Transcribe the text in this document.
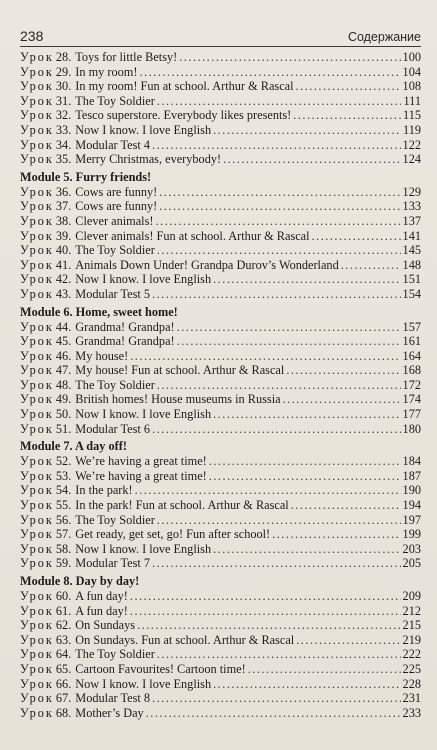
238	Содержание
Урок 28. Toys for little Betsy! .....	100
Урок 29. In my room! .....	104
Урок 30. In my room! Fun at school. Arthur & Rascal .....	108
Урок 31. The Toy Soldier .....	111
Урок 32. Tesco superstore. Everybody likes presents! .....	115
Урок 33. Now I know. I love English .....	119
Урок 34. Modular Test 4 .....	122
Урок 35. Merry Christmas, everybody! .....	124
Module 5. Furry friends!
Урок 36. Cows are funny! .....	129
Урок 37. Cows are funny! .....	133
Урок 38. Clever animals! .....	137
Урок 39. Clever animals! Fun at school. Arthur & Rascal .....	141
Урок 40. The Toy Soldier .....	145
Урок 41. Animals Down Under! Grandpa Durov’s Wonderland .....	148
Урок 42. Now I know. I love English .....	151
Урок 43. Modular Test 5 .....	154
Module 6. Home, sweet home!
Урок 44. Grandma! Grandpa! .....	157
Урок 45. Grandma! Grandpa! .....	161
Урок 46. My house! .....	164
Урок 47. My house! Fun at school. Arthur & Rascal .....	168
Урок 48. The Toy Soldier .....	172
Урок 49. British homes! House museums in Russia .....	174
Урок 50. Now I know. I love English .....	177
Урок 51. Modular Test 6 .....	180
Module 7. A day off!
Урок 52. We’re having a great time! .....	184
Урок 53. We’re having a great time! .....	187
Урок 54. In the park! .....	190
Урок 55. In the park! Fun at school. Arthur & Rascal .....	194
Урок 56. The Toy Soldier .....	197
Урок 57. Get ready, get set, go! Fun after school! .....	199
Урок 58. Now I know. I love English .....	203
Урок 59. Modular Test 7 .....	205
Module 8. Day by day!
Урок 60. A fun day! .....	209
Урок 61. A fun day! .....	212
Урок 62. On Sundays .....	215
Урок 63. On Sundays. Fun at school. Arthur & Rascal .....	219
Урок 64. The Toy Soldier .....	222
Урок 65. Cartoon Favourites! Cartoon time! .....	225
Урок 66. Now I know. I love English .....	228
Урок 67. Modular Test 8 .....	231
Урок 68. Mother’s Day .....	233
